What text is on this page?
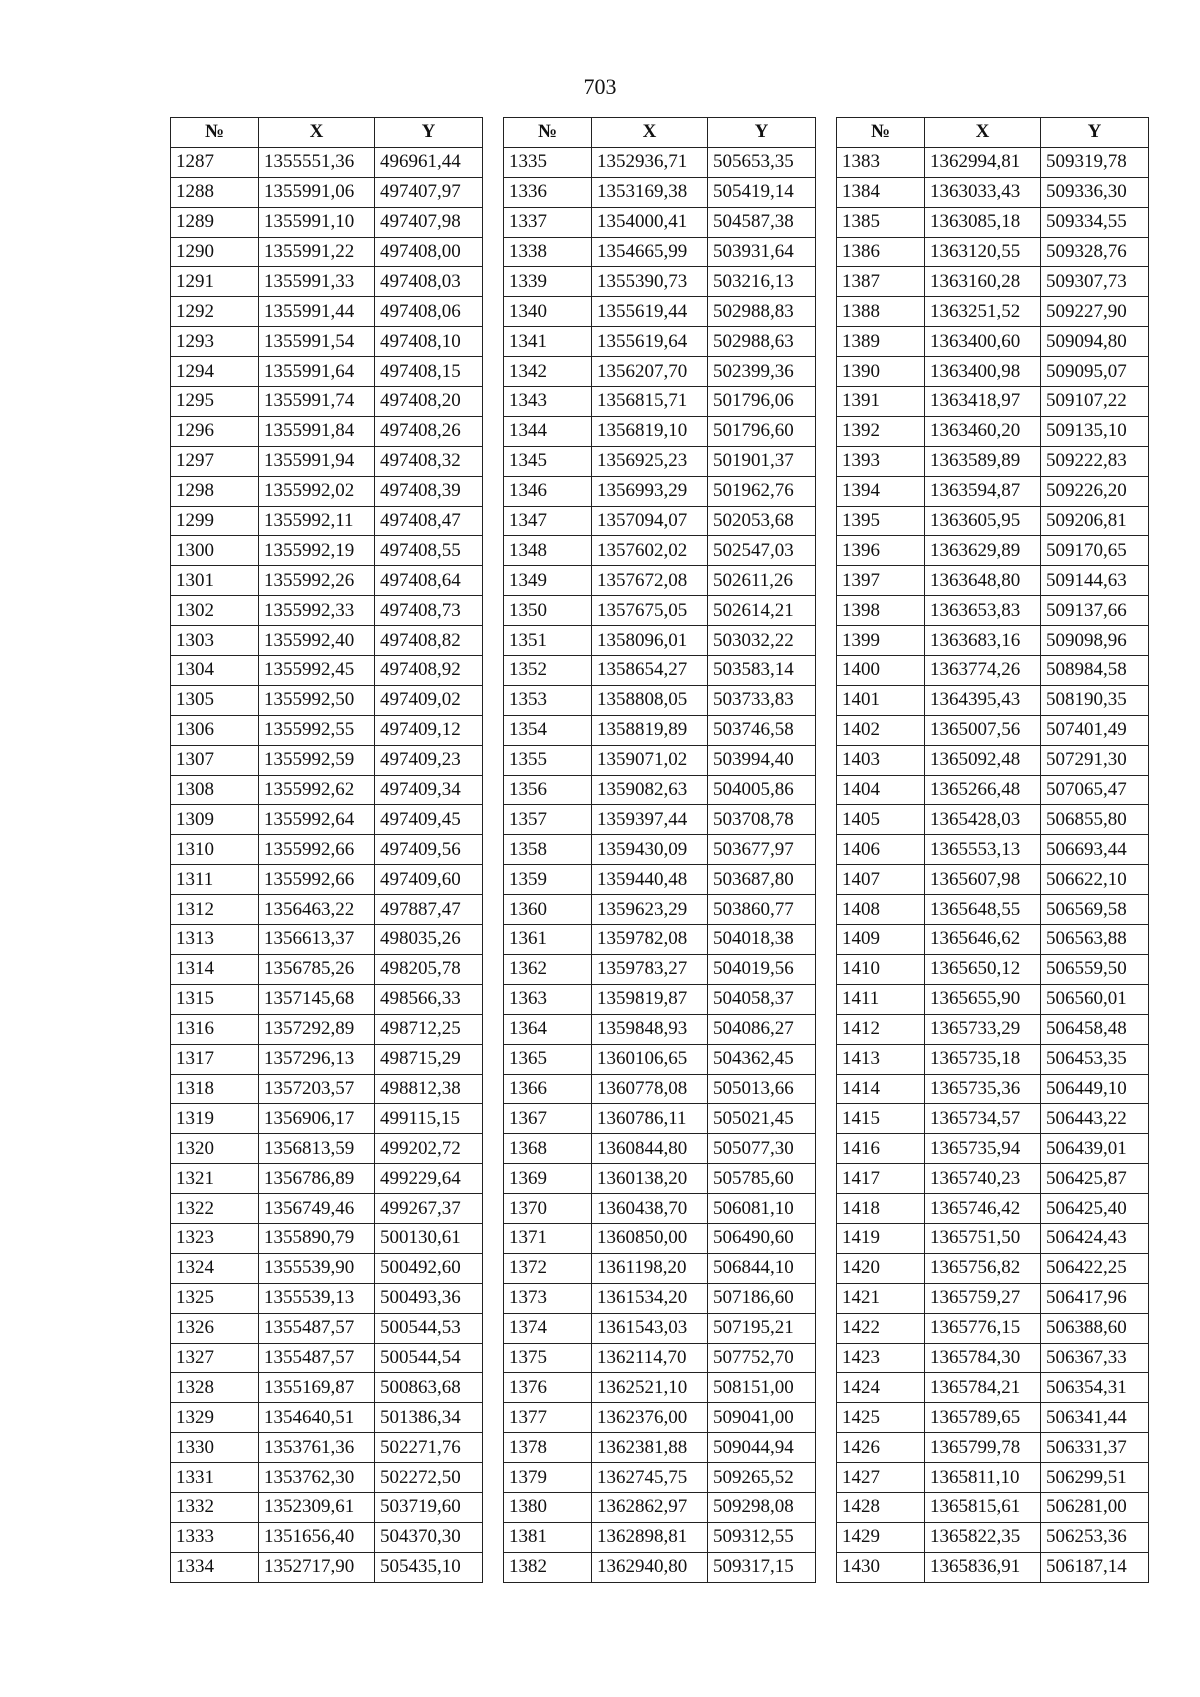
703
№	X	Y
1287	1355551,36	496961,44
1288	1355991,06	497407,97
1289	1355991,10	497407,98
1290	1355991,22	497408,00
1291	1355991,33	497408,03
1292	1355991,44	497408,06
1293	1355991,54	497408,10
1294	1355991,64	497408,15
1295	1355991,74	497408,20
1296	1355991,84	497408,26
1297	1355991,94	497408,32
1298	1355992,02	497408,39
1299	1355992,11	497408,47
1300	1355992,19	497408,55
1301	1355992,26	497408,64
1302	1355992,33	497408,73
1303	1355992,40	497408,82
1304	1355992,45	497408,92
1305	1355992,50	497409,02
1306	1355992,55	497409,12
1307	1355992,59	497409,23
1308	1355992,62	497409,34
1309	1355992,64	497409,45
1310	1355992,66	497409,56
1311	1355992,66	497409,60
1312	1356463,22	497887,47
1313	1356613,37	498035,26
1314	1356785,26	498205,78
1315	1357145,68	498566,33
1316	1357292,89	498712,25
1317	1357296,13	498715,29
1318	1357203,57	498812,38
1319	1356906,17	499115,15
1320	1356813,59	499202,72
1321	1356786,89	499229,64
1322	1356749,46	499267,37
1323	1355890,79	500130,61
1324	1355539,90	500492,60
1325	1355539,13	500493,36
1326	1355487,57	500544,53
1327	1355487,57	500544,54
1328	1355169,87	500863,68
1329	1354640,51	501386,34
1330	1353761,36	502271,76
1331	1353762,30	502272,50
1332	1352309,61	503719,60
1333	1351656,40	504370,30
1334	1352717,90	505435,10
№	X	Y
1335	1352936,71	505653,35
1336	1353169,38	505419,14
1337	1354000,41	504587,38
1338	1354665,99	503931,64
1339	1355390,73	503216,13
1340	1355619,44	502988,83
1341	1355619,64	502988,63
1342	1356207,70	502399,36
1343	1356815,71	501796,06
1344	1356819,10	501796,60
1345	1356925,23	501901,37
1346	1356993,29	501962,76
1347	1357094,07	502053,68
1348	1357602,02	502547,03
1349	1357672,08	502611,26
1350	1357675,05	502614,21
1351	1358096,01	503032,22
1352	1358654,27	503583,14
1353	1358808,05	503733,83
1354	1358819,89	503746,58
1355	1359071,02	503994,40
1356	1359082,63	504005,86
1357	1359397,44	503708,78
1358	1359430,09	503677,97
1359	1359440,48	503687,80
1360	1359623,29	503860,77
1361	1359782,08	504018,38
1362	1359783,27	504019,56
1363	1359819,87	504058,37
1364	1359848,93	504086,27
1365	1360106,65	504362,45
1366	1360778,08	505013,66
1367	1360786,11	505021,45
1368	1360844,80	505077,30
1369	1360138,20	505785,60
1370	1360438,70	506081,10
1371	1360850,00	506490,60
1372	1361198,20	506844,10
1373	1361534,20	507186,60
1374	1361543,03	507195,21
1375	1362114,70	507752,70
1376	1362521,10	508151,00
1377	1362376,00	509041,00
1378	1362381,88	509044,94
1379	1362745,75	509265,52
1380	1362862,97	509298,08
1381	1362898,81	509312,55
1382	1362940,80	509317,15
№	X	Y
1383	1362994,81	509319,78
1384	1363033,43	509336,30
1385	1363085,18	509334,55
1386	1363120,55	509328,76
1387	1363160,28	509307,73
1388	1363251,52	509227,90
1389	1363400,60	509094,80
1390	1363400,98	509095,07
1391	1363418,97	509107,22
1392	1363460,20	509135,10
1393	1363589,89	509222,83
1394	1363594,87	509226,20
1395	1363605,95	509206,81
1396	1363629,89	509170,65
1397	1363648,80	509144,63
1398	1363653,83	509137,66
1399	1363683,16	509098,96
1400	1363774,26	508984,58
1401	1364395,43	508190,35
1402	1365007,56	507401,49
1403	1365092,48	507291,30
1404	1365266,48	507065,47
1405	1365428,03	506855,80
1406	1365553,13	506693,44
1407	1365607,98	506622,10
1408	1365648,55	506569,58
1409	1365646,62	506563,88
1410	1365650,12	506559,50
1411	1365655,90	506560,01
1412	1365733,29	506458,48
1413	1365735,18	506453,35
1414	1365735,36	506449,10
1415	1365734,57	506443,22
1416	1365735,94	506439,01
1417	1365740,23	506425,87
1418	1365746,42	506425,40
1419	1365751,50	506424,43
1420	1365756,82	506422,25
1421	1365759,27	506417,96
1422	1365776,15	506388,60
1423	1365784,30	506367,33
1424	1365784,21	506354,31
1425	1365789,65	506341,44
1426	1365799,78	506331,37
1427	1365811,10	506299,51
1428	1365815,61	506281,00
1429	1365822,35	506253,36
1430	1365836,91	506187,14
